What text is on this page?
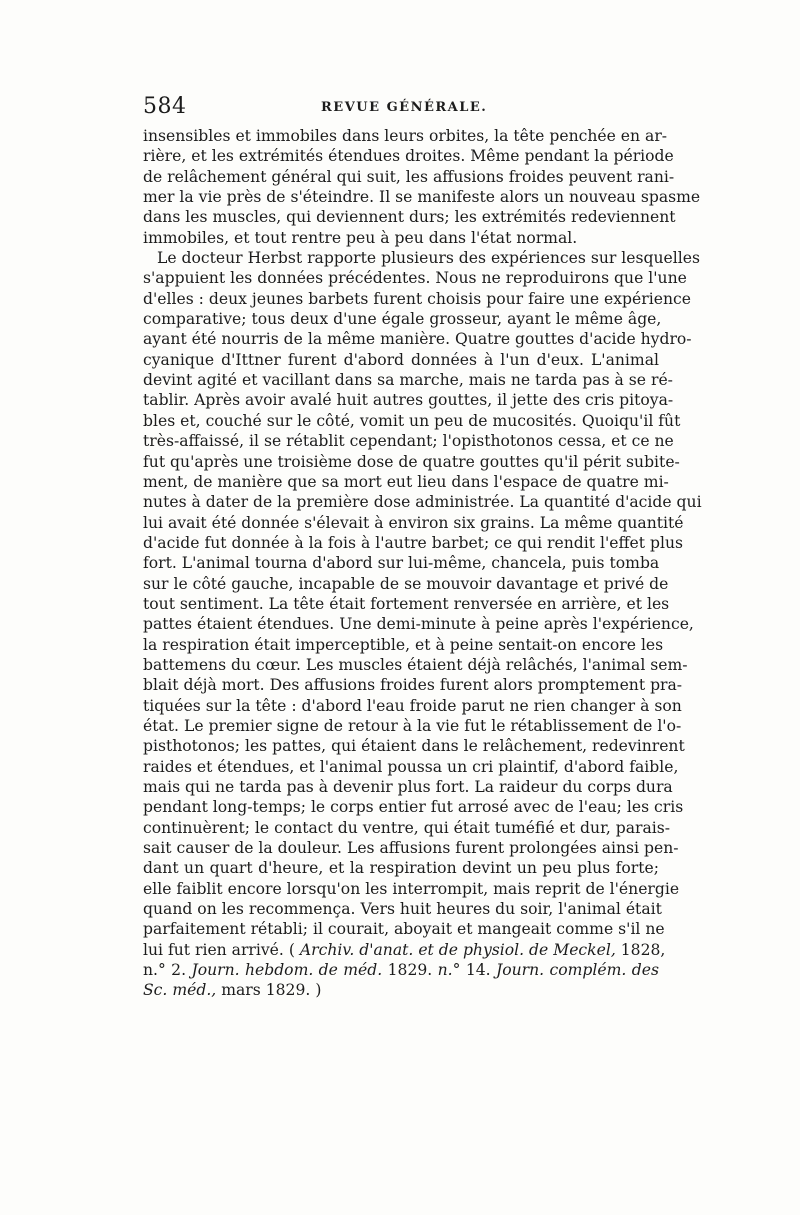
584	REVUE GÉNÉRALE.
insensibles et immobiles dans leurs orbites, la tête penchée en ar-
rière, et les extrémités étendues droites. Même pendant la période
de relâchement général qui suit, les affusions froides peuvent rani-
mer la vie près de s'éteindre. Il se manifeste alors un nouveau spasme
dans les muscles, qui deviennent durs; les extrémités redeviennent
immobiles, et tout rentre peu à peu dans l'état normal.
Le docteur Herbst rapporte plusieurs des expériences sur lesquelles
s'appuient les données précédentes. Nous ne reproduirons que l'une
d'elles : deux jeunes barbets furent choisis pour faire une expérience
comparative; tous deux d'une égale grosseur, ayant le même âge,
ayant été nourris de la même manière. Quatre gouttes d'acide hydro-
cyanique d'Ittner furent d'abord données à l'un d'eux. L'animal
devint agité et vacillant dans sa marche, mais ne tarda pas à se ré-
tablir. Après avoir avalé huit autres gouttes, il jette des cris pitoya-
bles et, couché sur le côté, vomit un peu de mucosités. Quoiqu'il fût
très-affaissé, il se rétablit cependant; l'opisthotonos cessa, et ce ne
fut qu'après une troisième dose de quatre gouttes qu'il périt subite-
ment, de manière que sa mort eut lieu dans l'espace de quatre mi-
nutes à dater de la première dose administrée. La quantité d'acide qui
lui avait été donnée s'élevait à environ six grains. La même quantité
d'acide fut donnée à la fois à l'autre barbet; ce qui rendit l'effet plus
fort. L'animal tourna d'abord sur lui-même, chancela, puis tomba
sur le côté gauche, incapable de se mouvoir davantage et privé de
tout sentiment. La tête était fortement renversée en arrière, et les
pattes étaient étendues. Une demi-minute à peine après l'expérience,
la respiration était imperceptible, et à peine sentait-on encore les
battemens du cœur. Les muscles étaient déjà relâchés, l'animal sem-
blait déjà mort. Des affusions froides furent alors promptement pra-
tiquées sur la tête : d'abord l'eau froide parut ne rien changer à son
état. Le premier signe de retour à la vie fut le rétablissement de l'o-
pisthotonos; les pattes, qui étaient dans le relâchement, redevinrent
raides et étendues, et l'animal poussa un cri plaintif, d'abord faible,
mais qui ne tarda pas à devenir plus fort. La raideur du corps dura
pendant long-temps; le corps entier fut arrosé avec de l'eau; les cris
continuèrent; le contact du ventre, qui était tuméfié et dur, parais-
sait causer de la douleur. Les affusions furent prolongées ainsi pen-
dant un quart d'heure, et la respiration devint un peu plus forte;
elle faiblit encore lorsqu'on les interrompit, mais reprit de l'énergie
quand on les recommença. Vers huit heures du soir, l'animal était
parfaitement rétabli; il courait, aboyait et mangeait comme s'il ne
lui fut rien arrivé. ( Archiv. d'anat. et de physiol. de Meckel, 1828,
n.° 2. Journ. hebdom. de méd. 1829. n.° 14. Journ. complém. des
Sc. méd., mars 1829. )
